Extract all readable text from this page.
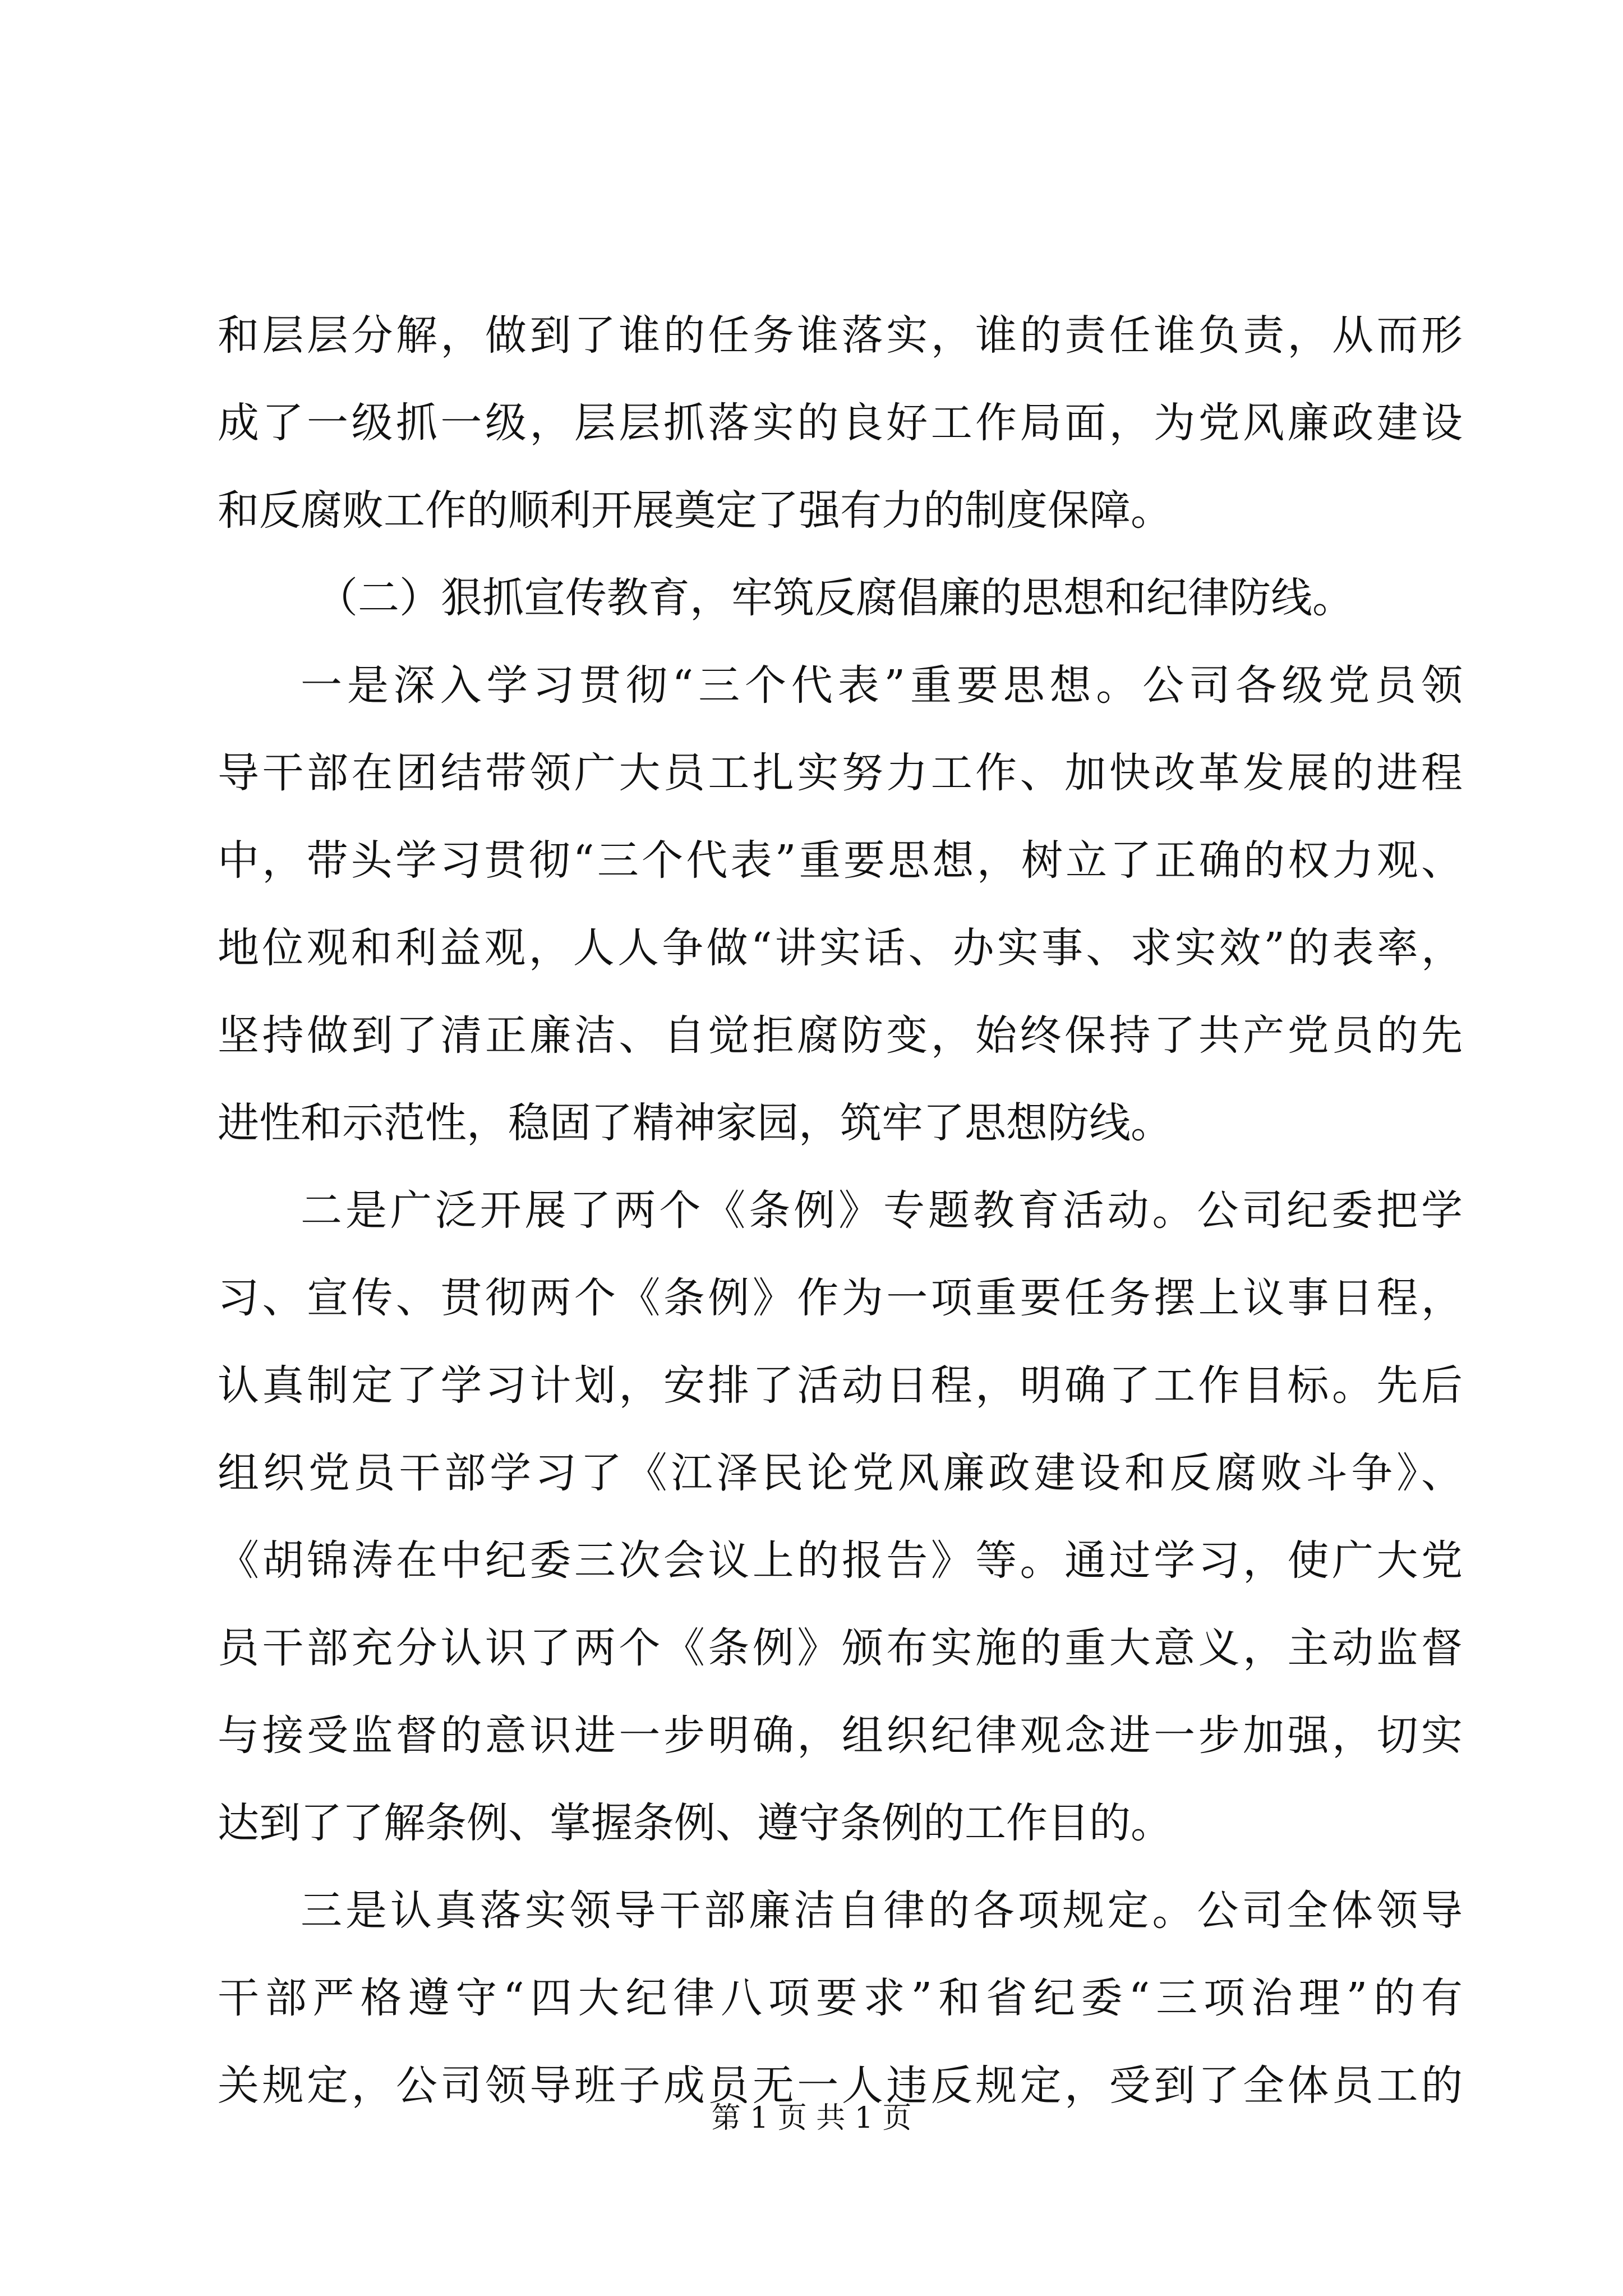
和层层分解，做到了谁的任务谁落实，谁的责任谁负责，从而形
成了一级抓一级，层层抓落实的良好工作局面，为党风廉政建设
和反腐败工作的顺利开展奠定了强有力的制度保障。
（二）狠抓宣传教育，牢筑反腐倡廉的思想和纪律防线。
一是深入学习贯彻“三个代表”重要思想。公司各级党员领
导干部在团结带领广大员工扎实努力工作、加快改革发展的进程
中，带头学习贯彻“三个代表”重要思想，树立了正确的权力观、
地位观和利益观，人人争做“讲实话、办实事、求实效”的表率，
坚持做到了清正廉洁、自觉拒腐防变，始终保持了共产党员的先
进性和示范性，稳固了精神家园，筑牢了思想防线。
二是广泛开展了两个《条例》专题教育活动。公司纪委把学
习、宣传、贯彻两个《条例》作为一项重要任务摆上议事日程，
认真制定了学习计划，安排了活动日程，明确了工作目标。先后
组织党员干部学习了《江泽民论党风廉政建设和反腐败斗争》、
《胡锦涛在中纪委三次会议上的报告》等。通过学习，使广大党
员干部充分认识了两个《条例》颁布实施的重大意义，主动监督
与接受监督的意识进一步明确，组织纪律观念进一步加强，切实
达到了了解条例、掌握条例、遵守条例的工作目的。
三是认真落实领导干部廉洁自律的各项规定。公司全体领导
干部严格遵守“四大纪律八项要求”和省纪委“三项治理”的有
关规定，公司领导班子成员无一人违反规定，受到了全体员工的
第 1 页 共 1 页
